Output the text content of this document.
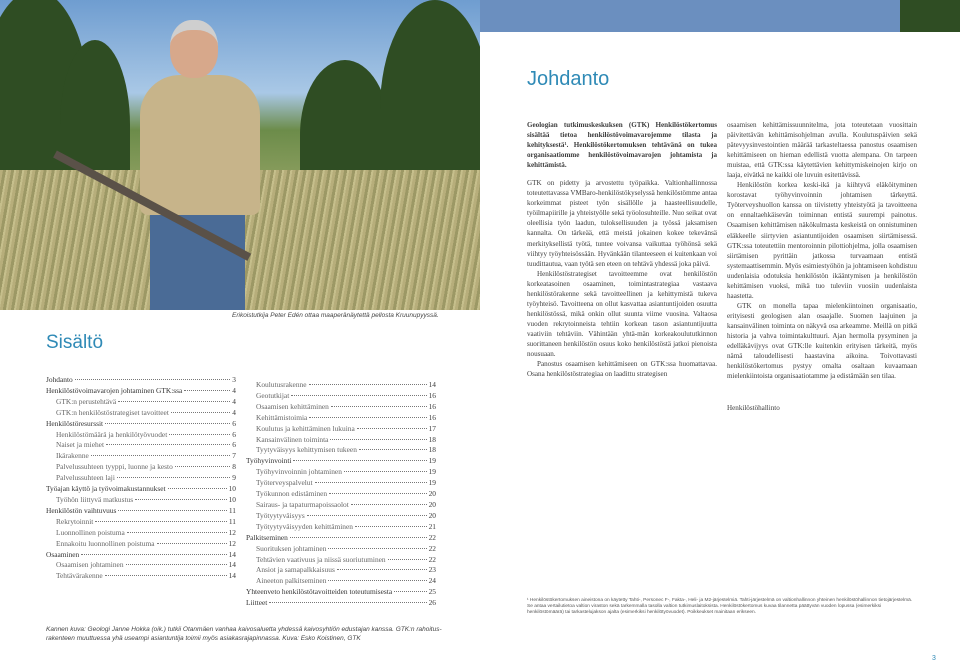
Erikoistutkija Peter Edén ottaa maaperänäytettä pellosta Kruunupyyssä.
Sisältö
Johdanto	3
Henkilöstövoimavarojen johtaminen GTK:ssa	4
GTK:n perustehtävä	4
GTK:n henkilöstöstrategiset tavoitteet	4
Henkilöstöresurssit	6
Henkilöstömäärä ja henkilötyövuodet	6
Naiset ja miehet	6
Ikärakenne	7
Palvelussuhteen tyyppi, luonne ja kesto	8
Palvelussuhteen laji	9
Työajan käyttö ja työvoimakustannukset	10
Työhön liittyvä matkustus	10
Henkilöstön vaihtuvuus	11
Rekrytoinnit	11
Luonnollinen poistuma	12
Ennakoitu luonnollinen poistuma	12
Osaaminen	14
Osaamisen johtaminen	14
Tehtävärakenne	14
Koulutusrakenne	14
Geotutkijat	16
Osaamisen kehittäminen	16
Kehittämistoimia	16
Koulutus ja kehittäminen lukuina	17
Kansainvälinen toiminta	18
Tyytyväisyys kehittymisen tukeen	18
Työhyvinvointi	19
Työhyvinvoinnin johtaminen	19
Työterveyspalvelut	19
Työkunnon edistäminen	20
Sairaus- ja tapaturmapoissaolot	20
Työtyytyväisyys	20
Työtyytyväisyyden kehittäminen	21
Palkitseminen	22
Suorituksen johtaminen	22
Tehtävien vaativuus ja niissä suoriutuminen	22
Ansiot ja samapalkkaisuus	23
Aineeton palkitseminen	24
Yhteenveto henkilöstötavoitteiden toteutumisesta	25
Liitteet	26
Kannen kuva: Geologi Janne Hokka (oik.) tutkii Otanmäen vanhaa kaivosaluetta yhdessä kaivosyhtiön edustajan kanssa. GTK:n rahoitus-rakenteen muuttuessa yhä useampi asiantuntija toimii myös asiakasrajapinnassa. Kuva: Esko Koistinen, GTK
Johdanto

Geologian tutkimuskeskuksen (GTK) Henkilöstökertomus sisältää tietoa henkilöstövoimavarojemme tilasta ja kehityksestä¹. Henkilöstökertomuksen tehtävänä on tukea organisaatiomme henkilöstövoimavarojen johtamista ja kehittämistä.

GTK on pidetty ja arvostettu työpaikka. Valtionhallinnossa toteutettavassa VMBaro-henkilöstökyselyssä henkilöstömme antaa korkeimmat pisteet työn sisällölle ja haasteellisuudelle, työilmapiirille ja yhteistyölle sekä työolosuhteille. Nuo seikat ovat oleellisia työn laadun, tuloksellisuuden ja työssä jaksamisen kannalta. On tärkeää, että meistä jokainen kokee tekevänsä merkityksellistä työtä, tuntee voivansa vaikuttaa työhönsä sekä viihtyy työyhteisössään. Hyvänkään tilanteeseen ei kuitenkaan voi tuudittautua, vaan työtä sen eteen on tehtävä yhdessä joka päivä.

Henkilöstöstrategiset tavoitteemme ovat henkilöstön korkeatasoinen osaaminen, toimintastrategiaa vastaava henkilöstörakenne sekä tavoitteellinen ja kehittymistä tukeva työyhteisö. Tavoitteena on ollut kasvattaa asiantuntijoiden osuutta henkilöstössä, mikä onkin ollut suunta viime vuosina. Valtaosa vuoden rekrytoinneista tehtiin korkean tason asiantuntijuutta vaativiin tehtäviin. Vähintään yhtä-män korkeakoulututkinnon suorittaneen henkilöstön osuus koko henkilöstöstä jatkoi pienoista nousuaan.

Panostus osaamisen kehittämiseen on GTK:ssa huomattavaa. Osana henkilöstöstrategiaa on laadittu strategisen

osaamisen kehittämissuunnitelma, jota toteutetaan vuosittain päivitettävän kehittämisohjelman avulla. Koulutuspäivien sekä pätevyysinvestointien määrää tarkasteltaessa panostus osaamisen kehittämiseen on hieman edellistä vuotta alempana. On tarpeen muistaa, että GTK:ssa käytettävien kehittymiskeinojen kirjo on laaja, eivätkä ne kaikki ole luvuin esitettävissä.

Henkilöstön korkea keski-ikä ja kiihtyvä eläköityminen korostavat työhyvinvoinnin johtamisen tärkeyttä. Työterveyshuollon kanssa on tiivistetty yhteistyötä ja tavoitteena on ennaltaehkäisevän toiminnan entistä suurempi painotus. Osaamisen kehittämisen näkökulmasta keskeistä on onnistuminen eläkkeelle siirtyvien asiantuntijoiden osaamisen siirtämisessä. GTK:ssa toteutettiin mentoroinnin pilottiohjelma, jolla osaamisen siirtämisen pyrittäin jatkossa turvaamaan entistä systemaattisemmin. Myös esimiestyöhön ja johtamiseen kohdistuu uudenlaisia odotuksia henkilöstön ikääntymisen ja henkilöstön kehittämisen vuoksi, mikä tuo tuleviin vuosiin uudenlaista haastetta.

GTK on monella tapaa mielenkiintoinen organisaatio, erityisesti geologisen alan osaajalle. Suomen laajuinen ja kansainvälinen toiminta on näkyvä osa arkeamme. Meillä on pitkä historia ja vahva toimintakulttuuri. Ajan hermolla pysyminen ja edelläkävijyys ovat GTK:lle kuitenkin erityisen tärkeitä, myös nämä taloudellisesti haastavina aikoina. Toivottavasti henkilöstökertomus pystyy omalta osaltaan kuvaamaan mielenkiintoista organisaatiotamme ja edistämään sen tilaa.

Henkilöstöhallinto

¹ Henkilöstökertomuksen aineistona on käytetty Tahti-, Personec F-, Fakta-, Heli- ja M2-järjestelmiä. Tahti-järjestelmä on valtionhallinnon yhteinen henkilöstöhallinnon tietojärjestelmä. Se antaa vertailutietoa valtion viraston sekä tarkemmalla tasolla valtion tutkimuslaitoksista. Henkilöstökertomus kuvaa tilannetta päättyvän vuoden lopussa (esimerkiksi henkilöstömäärä) tai tarkastelujakson ajalta (esimerkiksi henkilötyövuodet). Poikkeukset mainitaan erikseen.
3
